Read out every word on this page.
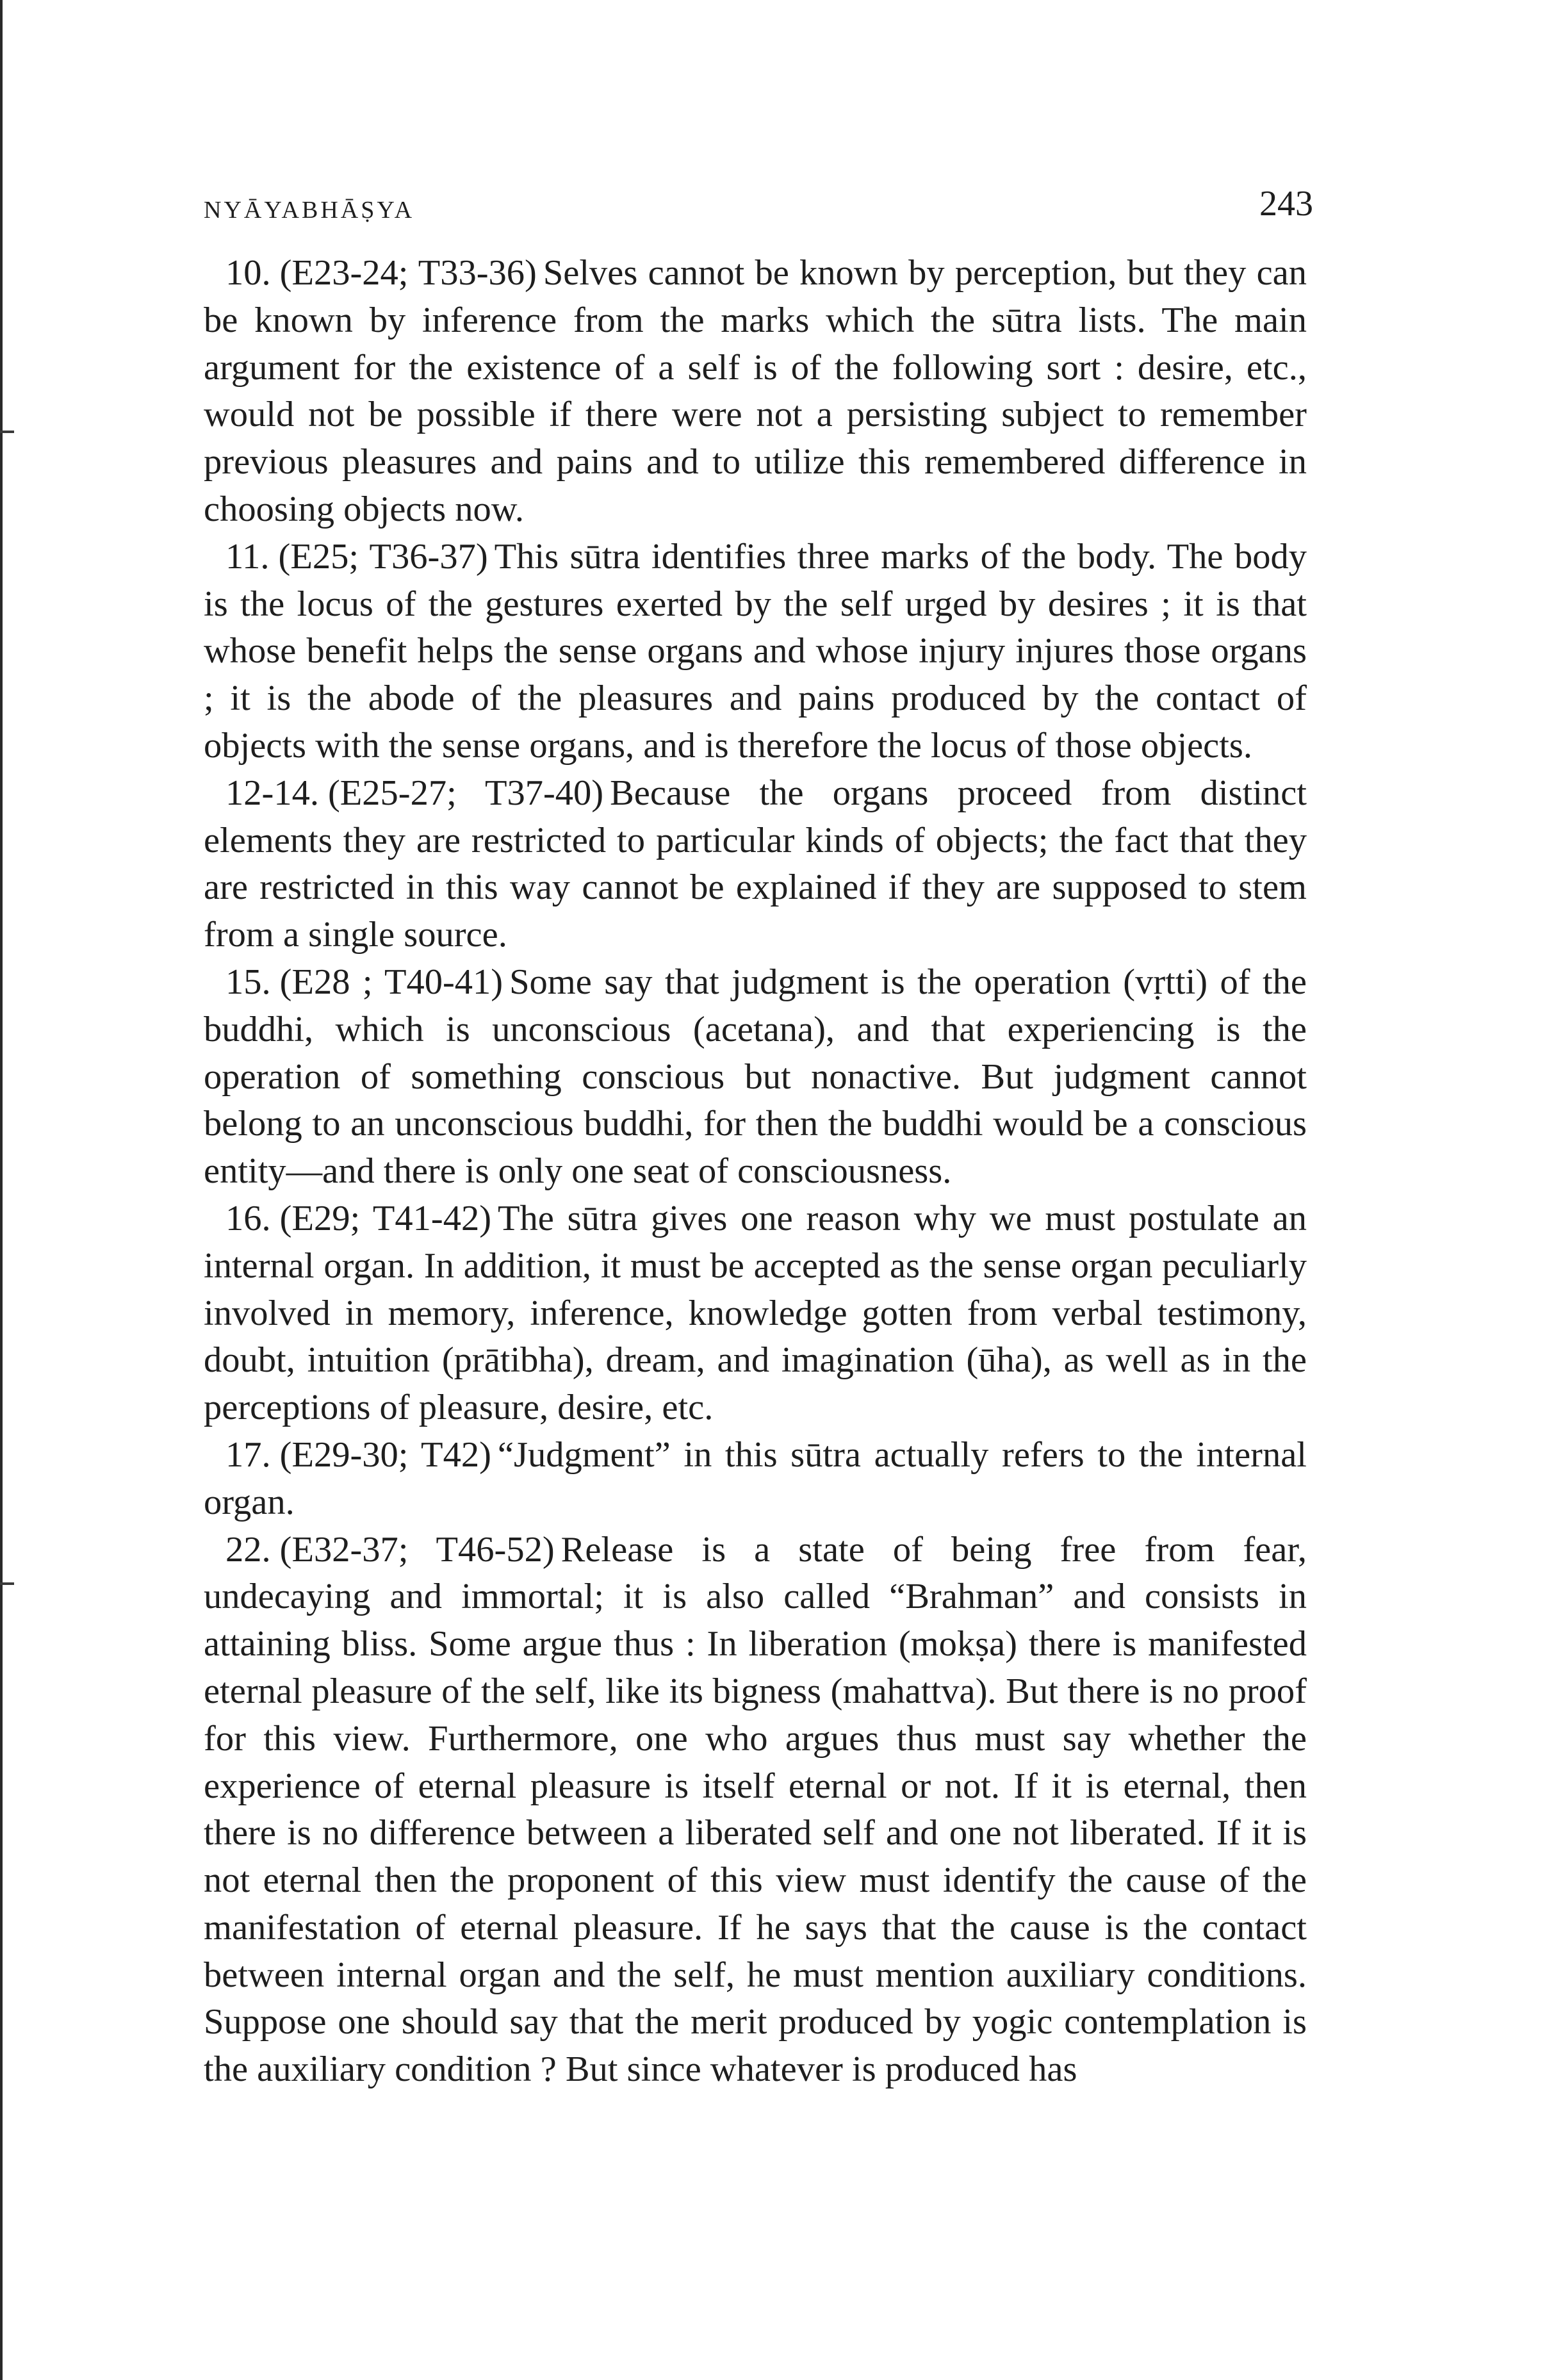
NYĀYABHĀṢYA	243

10. (E23-24; T33-36) Selves cannot be known by perception, but they can be known by inference from the marks which the sūtra lists. The main argument for the existence of a self is of the following sort : desire, etc., would not be possible if there were not a persisting subject to remember previous pleasures and pains and to utilize this remembered difference in choosing objects now.

11. (E25; T36-37) This sūtra identifies three marks of the body. The body is the locus of the gestures exerted by the self urged by desires ; it is that whose benefit helps the sense organs and whose injury injures those organs ; it is the abode of the pleasures and pains produced by the contact of objects with the sense organs, and is therefore the locus of those objects.

12-14. (E25-27; T37-40) Because the organs proceed from distinct elements they are restricted to particular kinds of objects; the fact that they are restricted in this way cannot be explained if they are supposed to stem from a single source.

15. (E28 ; T40-41) Some say that judgment is the operation (vṛtti) of the buddhi, which is unconscious (acetana), and that experiencing is the operation of something conscious but nonactive. But judgment cannot belong to an unconscious buddhi, for then the buddhi would be a conscious entity—and there is only one seat of consciousness.

16. (E29; T41-42) The sūtra gives one reason why we must postulate an internal organ. In addition, it must be accepted as the sense organ peculiarly involved in memory, inference, knowledge gotten from verbal testimony, doubt, intuition (prātibha), dream, and imagination (ūha), as well as in the perceptions of pleasure, desire, etc.

17. (E29-30; T42) “Judgment” in this sūtra actually refers to the internal organ.

22. (E32-37; T46-52) Release is a state of being free from fear, undecaying and immortal; it is also called “Brahman” and consists in attaining bliss. Some argue thus : In liberation (mokṣa) there is manifested eternal pleasure of the self, like its bigness (mahattva). But there is no proof for this view. Furthermore, one who argues thus must say whether the experience of eternal pleasure is itself eternal or not. If it is eternal, then there is no difference between a liberated self and one not liberated. If it is not eternal then the proponent of this view must identify the cause of the manifestation of eternal pleasure. If he says that the cause is the contact between internal organ and the self, he must mention auxiliary conditions. Suppose one should say that the merit produced by yogic contemplation is the auxiliary condition ? But since whatever is produced has
